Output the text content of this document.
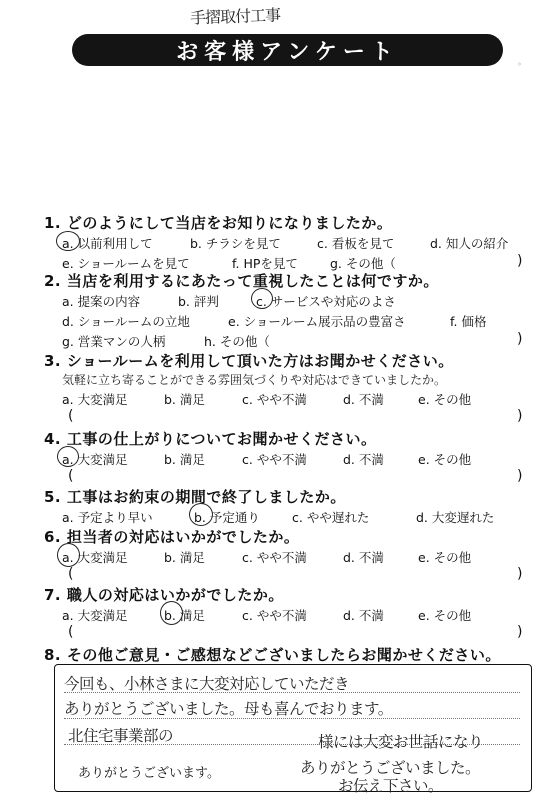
手摺取付工事
お客様アンケート	◦
1. どのようにして当店をお知りになりましたか。
a. 以前利用して	b. チラシを見て	c. 看板を見て	d. 知人の紹介
e. ショールームを見て	f. HPを見て	g. その他（	)
2. 当店を利用するにあたって重視したことは何ですか。
a. 提案の内容	b. 評判	c. サービスや対応のよさ
d. ショールームの立地	e. ショールーム展示品の豊富さ	f. 価格
g. 営業マンの人柄	h. その他（	)
3. ショールームを利用して頂いた方はお聞かせください。
気軽に立ち寄ることができる雰囲気づくりや対応はできていましたか。
a. 大変満足	b. 満足	c. やや不満	d. 不満	e. その他
(	)
4. 工事の仕上がりについてお聞かせください。
a. 大変満足	b. 満足	c. やや不満	d. 不満	e. その他
(	)
5. 工事はお約束の期間で終了しましたか。
a. 予定より早い	b. 予定通り	c. やや遅れた	d. 大変遅れた
6. 担当者の対応はいかがでしたか。
a. 大変満足	b. 満足	c. やや不満	d. 不満	e. その他
(	)
7. 職人の対応はいかがでしたか。
a. 大変満足	b. 満足	c. やや不満	d. 不満	e. その他
(	)
8. その他ご意見・ご感想などございましたらお聞かせください。
今回も、小林さまに大変対応していただき
ありがとうございました。母も喜んでおります。
北住宅事業部の	様には大変お世話になり
ありがとうございます。	ありがとうございました。
お伝え下さい。
